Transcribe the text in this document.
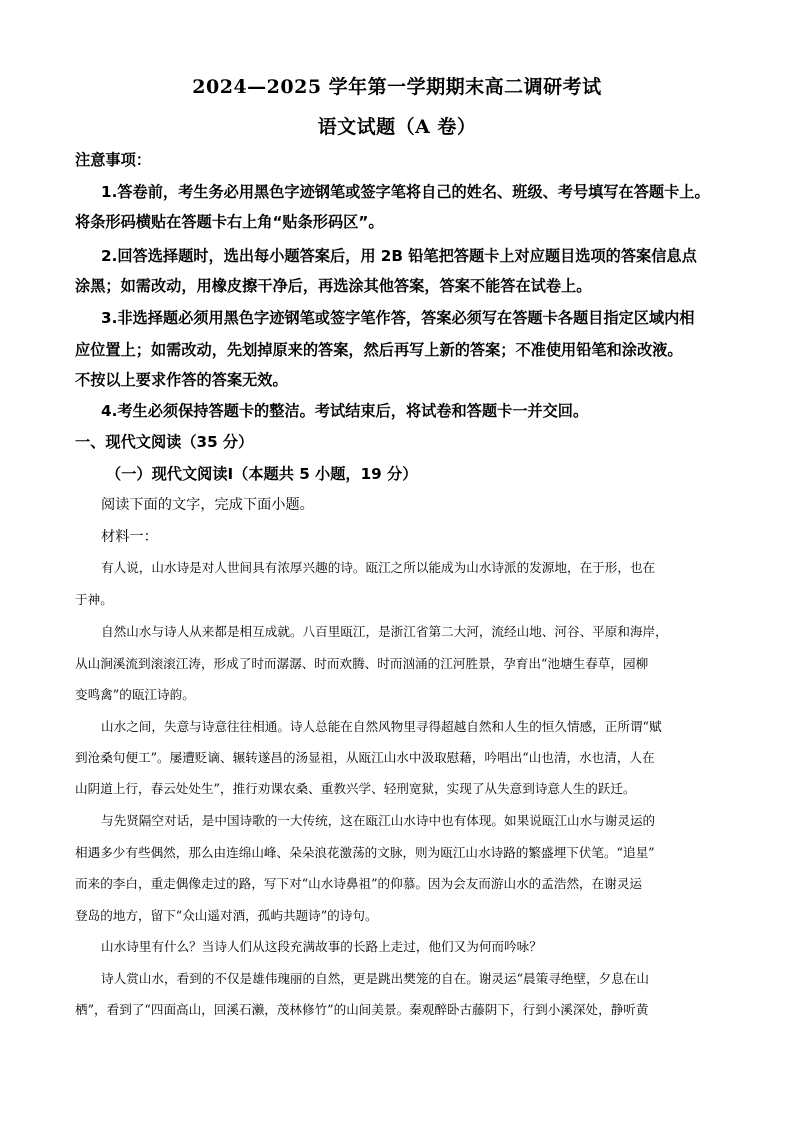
2024—2025 学年第一学期期末高二调研考试
语文试题（A 卷）
注意事项：
1.答卷前，考生务必用黑色字迹钢笔或签字笔将自己的姓名、班级、考号填写在答题卡上。
将条形码横贴在答题卡右上角“贴条形码区”。
2.回答选择题时，选出每小题答案后，用 2B 铅笔把答题卡上对应题目选项的答案信息点
涂黑；如需改动，用橡皮擦干净后，再选涂其他答案，答案不能答在试卷上。
3.非选择题必须用黑色字迹钢笔或签字笔作答，答案必须写在答题卡各题目指定区域内相
应位置上；如需改动，先划掉原来的答案，然后再写上新的答案；不准使用铅笔和涂改液。
不按以上要求作答的答案无效。
4.考生必须保持答题卡的整洁。考试结束后，将试卷和答题卡一并交回。
一、现代文阅读（35 分）
（一）现代文阅读Ⅰ（本题共 5 小题，19 分）
阅读下面的文字，完成下面小题。
材料一：
有人说，山水诗是对人世间具有浓厚兴趣的诗。瓯江之所以能成为山水诗派的发源地，在于形，也在
于神。
自然山水与诗人从来都是相互成就。八百里瓯江，是浙江省第二大河，流经山地、河谷、平原和海岸，
从山涧溪流到滚滚江涛，形成了时而潺潺、时而欢腾、时而汹涌的江河胜景，孕育出“池塘生春草，园柳
变鸣禽”的瓯江诗韵。
山水之间，失意与诗意往往相通。诗人总能在自然风物里寻得超越自然和人生的恒久情感，正所谓“赋
到沧桑句便工”。屡遭贬谪、辗转遂昌的汤显祖，从瓯江山水中汲取慰藉，吟唱出“山也清，水也清，人在
山阴道上行，春云处处生”，推行劝课农桑、重教兴学、轻刑宽狱，实现了从失意到诗意人生的跃迁。
与先贤隔空对话，是中国诗歌的一大传统，这在瓯江山水诗中也有体现。如果说瓯江山水与谢灵运的
相遇多少有些偶然，那么由连绵山峰、朵朵浪花激荡的文脉，则为瓯江山水诗路的繁盛埋下伏笔。“追星”
而来的李白，重走偶像走过的路，写下对“山水诗鼻祖”的仰慕。因为会友而游山水的孟浩然，在谢灵运
登岛的地方，留下“众山遥对酒，孤屿共题诗”的诗句。
山水诗里有什么？当诗人们从这段充满故事的长路上走过，他们又为何而吟咏？
诗人赏山水，看到的不仅是雄伟瑰丽的自然，更是跳出樊笼的自在。谢灵运“晨策寻绝壁，夕息在山
栖”，看到了“四面高山，回溪石濑，茂林修竹”的山间美景。秦观醉卧古藤阴下，行到小溪深处，静听黄
